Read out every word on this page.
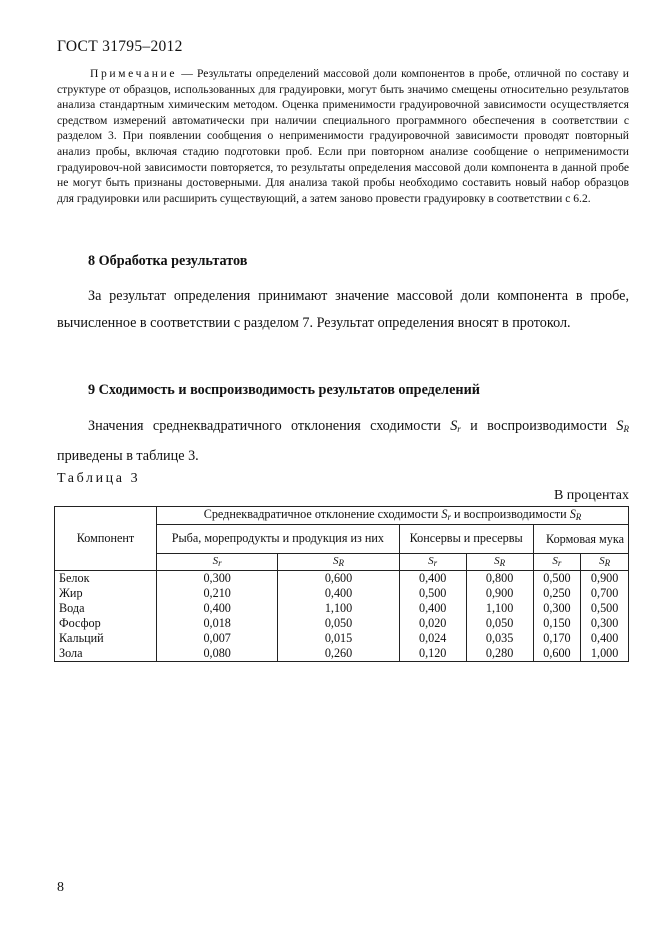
ГОСТ 31795–2012

Примечание — Результаты определений массовой доли компонентов в пробе, отличной по составу и структуре от образцов, использованных для градуировки, могут быть значимо смещены относительно результатов анализа стандартным химическим методом. Оценка применимости градуировочной зависимости осуществляется средством измерений автоматически при наличии специального программного обеспечения в соответствии с разделом 3. При появлении сообщения о неприменимости градуировочной зависимости проводят повторный анализ пробы, включая стадию подготовки проб. Если при повторном анализе сообщение о неприменимости градуировоч-ной зависимости повторяется, то результаты определения массовой доли компонента в данной пробе не могут быть признаны достоверными. Для анализа такой пробы необходимо составить новый набор образцов для градуировки или расширить существующий, а затем заново провести градуировку в соответствии с 6.2.

8 Обработка результатов

За результат определения принимают значение массовой доли компонента в пробе, вычисленное в соответствии с разделом 7. Результат определения вносят в протокол.

9 Сходимость и воспроизводимость результатов определений

Значения среднеквадратичного отклонения сходимости $S_r$ и воспроизводимости $S_R$ приведены в таблице 3.

Таблица 3
В процентах
Компонент	Среднеквадратичное отклонение сходимости $S_r$ и воспроизводимости $S_R$
	Рыба, морепродукты и продукция из них		Консервы и пресервы		Кормовая мука	
	$S_r$	$S_R$	$S_r$	$S_R$	$S_r$	$S_R$
Белок	0,300	0,600	0,400	0,800	0,500	0,900
Жир	0,210	0,400	0,500	0,900	0,250	0,700
Вода	0,400	1,100	0,400	1,100	0,300	0,500
Фосфор	0,018	0,050	0,020	0,050	0,150	0,300
Кальций	0,007	0,015	0,024	0,035	0,170	0,400
Зола	0,080	0,260	0,120	0,280	0,600	1,000
8
